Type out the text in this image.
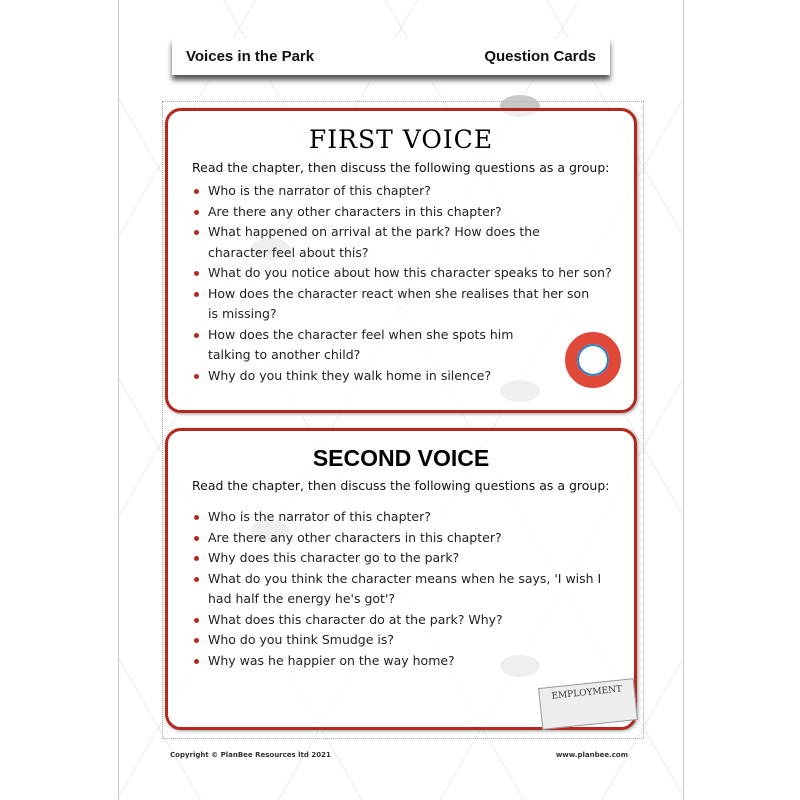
Voices in the Park	Question Cards
FIRST VOICE

Read the chapter, then discuss the following questions as a group:

Who is the narrator of this chapter?
Are there any other characters in this chapter?
What happened on arrival at the park? How does the character feel about this?
What do you notice about how this character speaks to her son?
How does the character react when she realises that her son is missing?
How does the character feel when she spots him talking to another child?
Why do you think they walk home in silence?
SECOND VOICE

Read the chapter, then discuss the following questions as a group:

Who is the narrator of this chapter?
Are there any other characters in this chapter?
Why does this character go to the park?
What do you think the character means when he says, 'I wish I had half the energy he's got'?
What does this character do at the park? Why?
Who do you think Smudge is?
Why was he happier on the way home?
EMPLOYMENT
Copyright © PlanBee Resources ltd 2021	www.planbee.com
